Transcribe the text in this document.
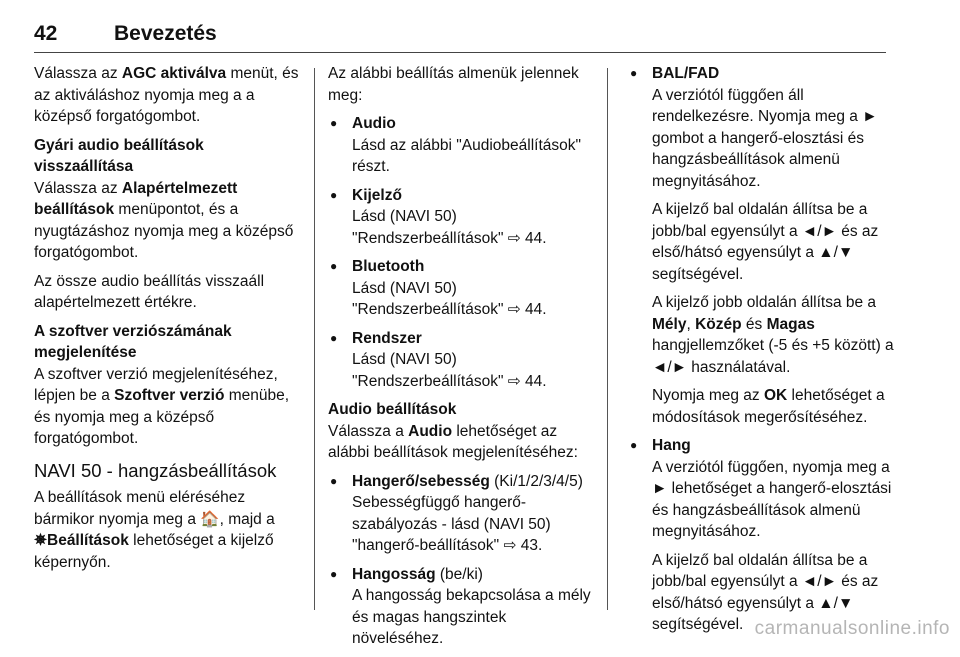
42	Bevezetés

Válassza az AGC aktiválva menüt, és az aktiváláshoz nyomja meg a a középső forgatógombot.

Gyári audio beállítások visszaállítása

Válassza az Alapértelmezett beállítások menüpontot, és a nyugtázáshoz nyomja meg a középső forgatógombot.

Az össze audio beállítás visszaáll alapértelmezett értékre.

A szoftver verziószámának megjelenítése

A szoftver verzió megjelenítéséhez, lépjen be a Szoftver verzió menübe, és nyomja meg a középső forgatógombot.

NAVI 50 - hangzásbeállítások

A beállítások menü eléréséhez bármikor nyomja meg a 🏠, majd a ✵Beállítások lehetőséget a kijelző képernyőn.

Az alábbi beállítás almenük jelennek meg:

● Audio

Lásd az alábbi "Audiobeállítások" részt.

● Kijelző

Lásd (NAVI 50) "Rendszerbeállítások" ⇨ 44.

● Bluetooth

Lásd (NAVI 50) "Rendszerbeállítások" ⇨ 44.

● Rendszer

Lásd (NAVI 50) "Rendszerbeállítások" ⇨ 44.

Audio beállítások

Válassza a Audio lehetőséget az alábbi beállítások megjelenítéséhez:

● Hangerő/sebesség (Ki/1/2/3/4/5)

Sebességfüggő hangerő-szabályozás - lásd (NAVI 50) "hangerő-beállítások" ⇨ 43.

● Hangosság (be/ki)

A hangosság bekapcsolása a mély és magas hangszintek növeléséhez.

● BAL/FAD

A verziótól függően áll rendelkezésre. Nyomja meg a ► gombot a hangerő-elosztási és hangzásbeállítások almenü megnyitásához.

A kijelző bal oldalán állítsa be a jobb/bal egyensúlyt a ◄/► és az első/hátsó egyensúlyt a ▲/▼ segítségével.

A kijelző jobb oldalán állítsa be a Mély, Közép és Magas hangjellemzőket (-5 és +5 között) a ◄/► használatával.

Nyomja meg az OK lehetőséget a módosítások megerősítéséhez.

● Hang

A verziótól függően, nyomja meg a ► lehetőséget a hangerő-elosztási és hangzásbeállítások almenü megnyitásához.

A kijelző bal oldalán állítsa be a jobb/bal egyensúlyt a ◄/► és az első/hátsó egyensúlyt a ▲/▼ segítségével. carmanualsonline.info
